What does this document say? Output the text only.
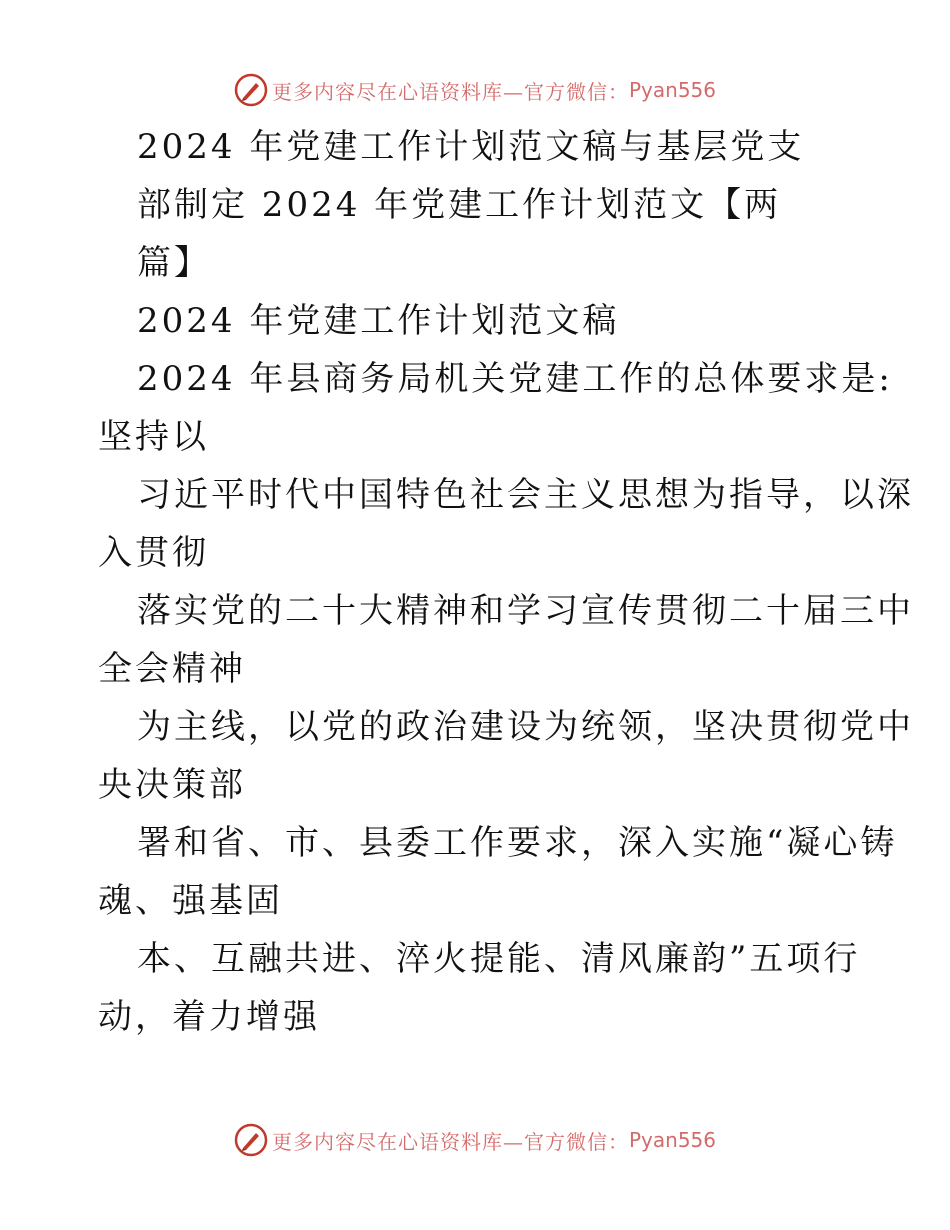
更多内容尽在心语资料库—官方微信： Pyan556
2024 年党建工作计划范文稿与基层党支
部制定 2024 年党建工作计划范文【两
篇】
2024 年党建工作计划范文稿
2024 年县商务局机关党建工作的总体要求是:
坚持以
习近平时代中国特色社会主义思想为指导，以深
入贯彻
落实党的二十大精神和学习宣传贯彻二十届三中
全会精神
为主线，以党的政治建设为统领，坚决贯彻党中
央决策部
署和省、市、县委工作要求，深入实施“凝心铸
魂、强基固
本、互融共进、淬火提能、清风廉韵”五项行
动，着力增强
更多内容尽在心语资料库—官方微信： Pyan556
